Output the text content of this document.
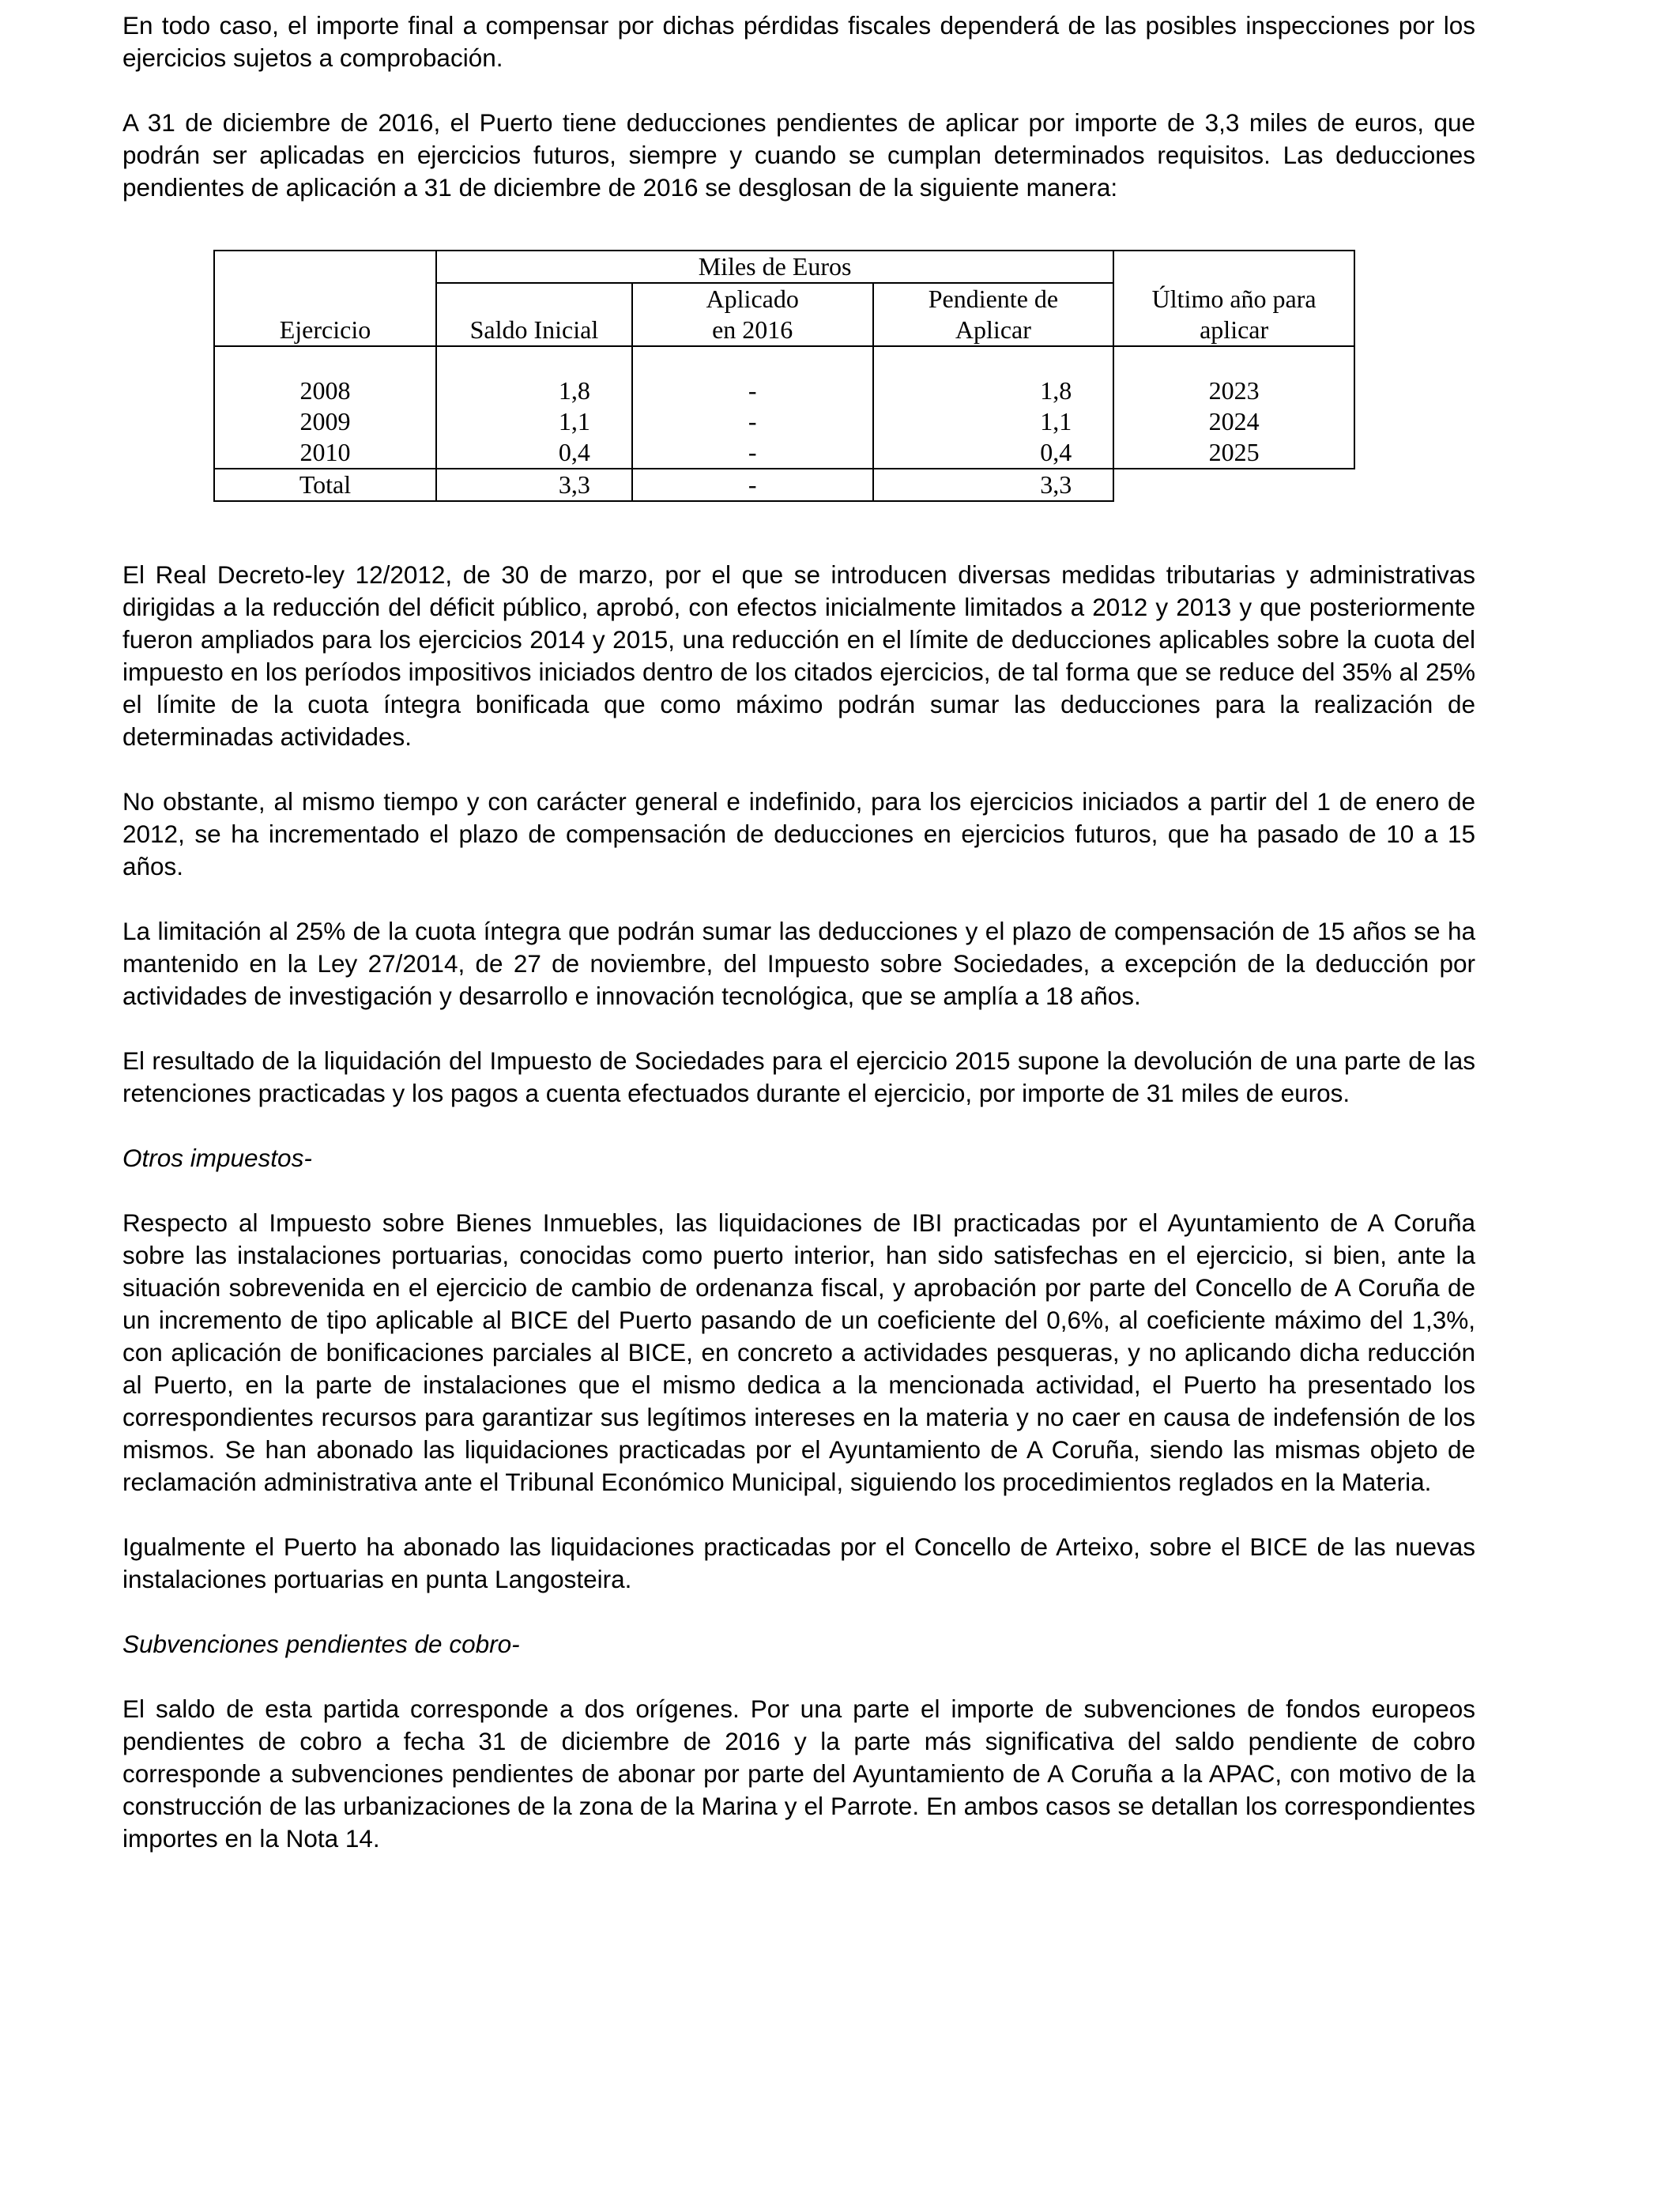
En todo caso, el importe final a compensar por dichas pérdidas fiscales dependerá de las posibles inspecciones por los ejercicios sujetos a comprobación.

A 31 de diciembre de 2016, el Puerto tiene deducciones pendientes de aplicar por importe de 3,3 miles de euros, que podrán ser aplicadas en ejercicios futuros, siempre y cuando se cumplan determinados requisitos. Las deducciones pendientes de aplicación a 31 de diciembre de 2016 se desglosan de la siguiente manera:

Ejercicio	Miles de Euros			
		Aplicado	Pendiente de	Último año para
	Saldo Inicial	en 2016	Aplicar	aplicar

2008	1,8	-	1,8	2023
2009	1,1	-	1,1	2024
2010	0,4	-	0,4	2025
Total	3,3	-	3,3	

El Real Decreto-ley 12/2012, de 30 de marzo, por el que se introducen diversas medidas tributarias y administrativas dirigidas a la reducción del déficit público, aprobó, con efectos inicialmente limitados a 2012 y 2013 y que posteriormente fueron ampliados para los ejercicios 2014 y 2015, una reducción en el límite de deducciones aplicables sobre la cuota del impuesto en los períodos impositivos iniciados dentro de los citados ejercicios, de tal forma que se reduce del 35% al 25% el límite de la cuota íntegra bonificada que como máximo podrán sumar las deducciones para la realización de determinadas actividades.

No obstante, al mismo tiempo y con carácter general e indefinido, para los ejercicios iniciados a partir del 1 de enero de 2012, se ha incrementado el plazo de compensación de deducciones en ejercicios futuros, que ha pasado de 10 a 15 años.

La limitación al 25% de la cuota íntegra que podrán sumar las deducciones y el plazo de compensación de 15 años se ha mantenido en la Ley 27/2014, de 27 de noviembre, del Impuesto sobre Sociedades, a excepción de la deducción por actividades de investigación y desarrollo e innovación tecnológica, que se amplía a 18 años.

El resultado de la liquidación del Impuesto de Sociedades para el ejercicio 2015 supone la devolución de una parte de las retenciones practicadas y los pagos a cuenta efectuados durante el ejercicio, por importe de 31 miles de euros.

Otros impuestos-

Respecto al Impuesto sobre Bienes Inmuebles, las liquidaciones de IBI practicadas por el Ayuntamiento de A Coruña sobre las instalaciones portuarias, conocidas como puerto interior, han sido satisfechas en el ejercicio, si bien, ante la situación sobrevenida en el ejercicio de cambio de ordenanza fiscal, y aprobación por parte del Concello de A Coruña de un incremento de tipo aplicable al BICE del Puerto pasando de un coeficiente del 0,6%, al coeficiente máximo del 1,3%, con aplicación de bonificaciones parciales al BICE, en concreto a actividades pesqueras, y no aplicando dicha reducción al Puerto, en la parte de instalaciones que el mismo dedica a la mencionada actividad, el Puerto ha presentado los correspondientes recursos para garantizar sus legítimos intereses en la materia y no caer en causa de indefensión de los mismos. Se han abonado las liquidaciones practicadas por el Ayuntamiento de A Coruña, siendo las mismas objeto de reclamación administrativa ante el Tribunal Económico Municipal, siguiendo los procedimientos reglados en la Materia.

Igualmente el Puerto ha abonado las liquidaciones practicadas por el Concello de Arteixo, sobre el BICE de las nuevas instalaciones portuarias en punta Langosteira.

Subvenciones pendientes de cobro-

El saldo de esta partida corresponde a dos orígenes. Por una parte el importe de subvenciones de fondos europeos pendientes de cobro a fecha 31 de diciembre de 2016 y la parte más significativa del saldo pendiente de cobro corresponde a subvenciones pendientes de abonar por parte del Ayuntamiento de A Coruña a la APAC, con motivo de la construcción de las urbanizaciones de la zona de la Marina y el Parrote. En ambos casos se detallan los correspondientes importes en la Nota 14.
